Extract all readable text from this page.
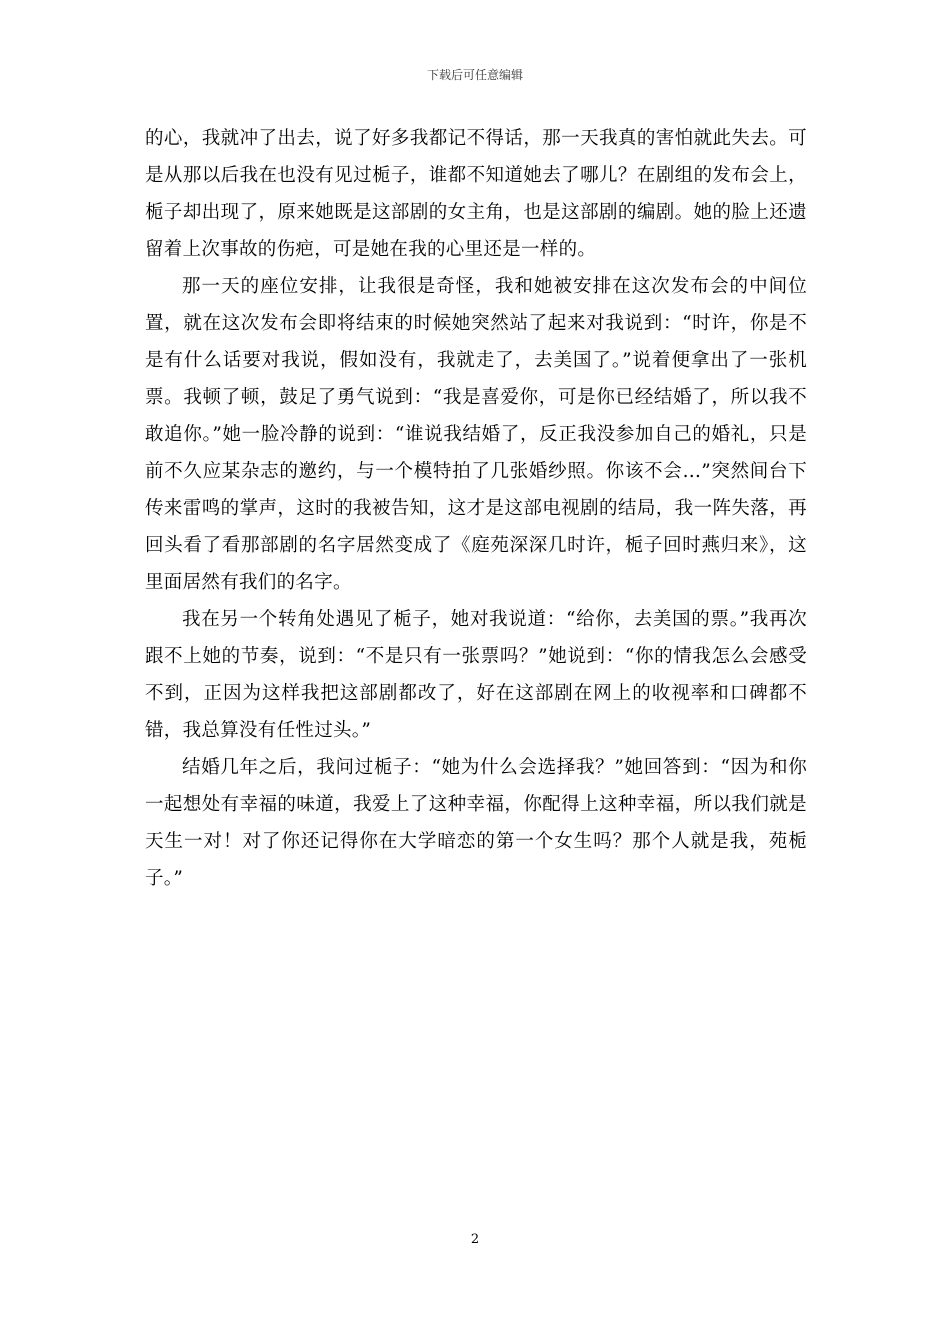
下载后可任意编辑

的心，我就冲了出去，说了好多我都记不得话，那一天我真的害怕就此失去。可是从那以后我在也没有见过栀子，谁都不知道她去了哪儿？在剧组的发布会上，栀子却出现了，原来她既是这部剧的女主角，也是这部剧的编剧。她的脸上还遗留着上次事故的伤疤，可是她在我的心里还是一样的。

那一天的座位安排，让我很是奇怪，我和她被安排在这次发布会的中间位置，就在这次发布会即将结束的时候她突然站了起来对我说到：“时许，你是不是有什么话要对我说，假如没有，我就走了，去美国了。”说着便拿出了一张机票。我顿了顿，鼓足了勇气说到：“我是喜爱你，可是你已经结婚了，所以我不敢追你。”她一脸冷静的说到：“谁说我结婚了，反正我没参加自己的婚礼，只是前不久应某杂志的邀约，与一个模特拍了几张婚纱照。你该不会…”突然间台下传来雷鸣的掌声，这时的我被告知，这才是这部电视剧的结局，我一阵失落，再回头看了看那部剧的名字居然变成了《庭苑深深几时许，栀子回时燕归来》，这里面居然有我们的名字。

我在另一个转角处遇见了栀子，她对我说道：“给你，去美国的票。”我再次跟不上她的节奏，说到：“不是只有一张票吗？”她说到：“你的情我怎么会感受不到，正因为这样我把这部剧都改了，好在这部剧在网上的收视率和口碑都不错，我总算没有任性过头。”

结婚几年之后，我问过栀子：“她为什么会选择我？”她回答到：“因为和你一起想处有幸福的味道，我爱上了这种幸福，你配得上这种幸福，所以我们就是天生一对！对了你还记得你在大学暗恋的第一个女生吗？那个人就是我，苑栀子。”

2
